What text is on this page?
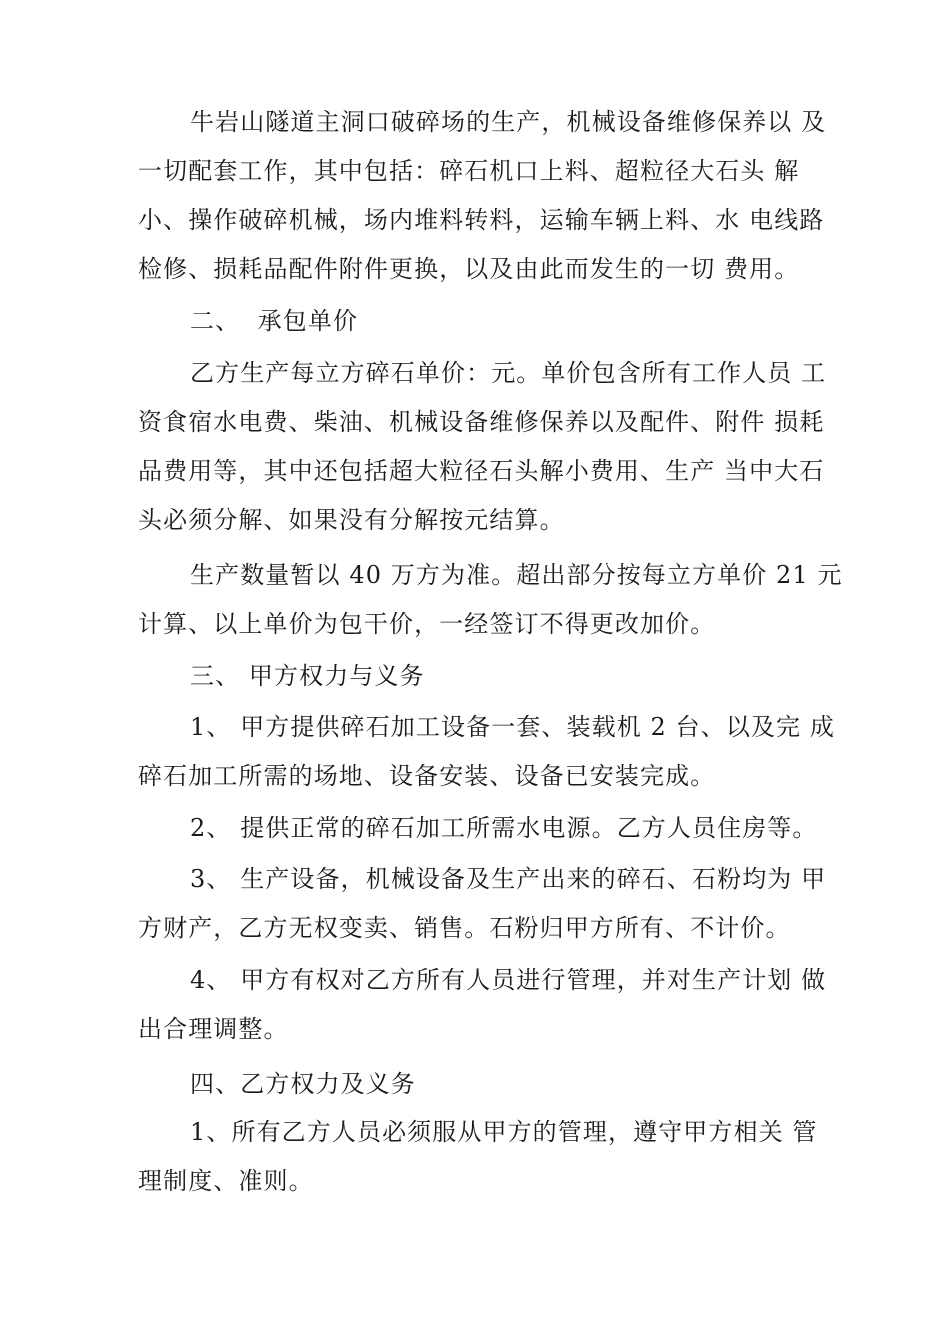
牛岩山隧道主洞口破碎场的生产，机械设备维修保养以 及

一切配套工作，其中包括：碎石机口上料、超粒径大石头 解

小、操作破碎机械，场内堆料转料，运输车辆上料、水 电线路

检修、损耗品配件附件更换，以及由此而发生的一切 费用。

二、  承包单价

乙方生产每立方碎石单价：元。单价包含所有工作人员 工

资食宿水电费、柴油、机械设备维修保养以及配件、附件 损耗

品费用等，其中还包括超大粒径石头解小费用、生产 当中大石

头必须分解、如果没有分解按元结算。

生产数量暂以 40 万方为准。超出部分按每立方单价 21 元

计算、以上单价为包干价，一经签订不得更改加价。

三、 甲方权力与义务

1、 甲方提供碎石加工设备一套、装载机 2 台、以及完 成

碎石加工所需的场地、设备安装、设备已安装完成。

2、 提供正常的碎石加工所需水电源。乙方人员住房等。

3、 生产设备，机械设备及生产出来的碎石、石粉均为 甲

方财产，乙方无权变卖、销售。石粉归甲方所有、不计价。

4、 甲方有权对乙方所有人员进行管理，并对生产计划 做

出合理调整。

四、乙方权力及义务

1、所有乙方人员必须服从甲方的管理，遵守甲方相关 管

理制度、准则。
